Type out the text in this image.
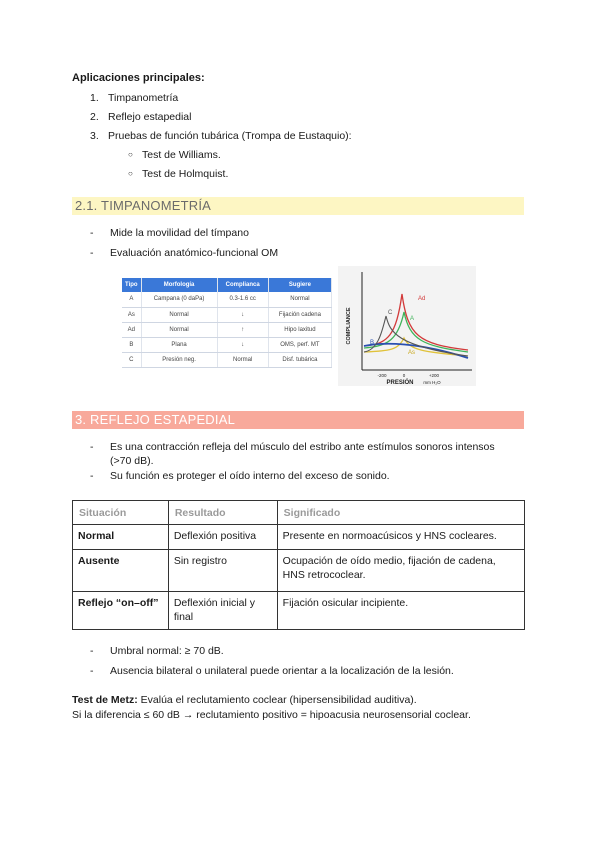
Aplicaciones principales:
1. Timpanometría
2. Reflejo estapedial
3. Pruebas de función tubárica (Trompa de Eustaquio):
○ Test de Williams.
○ Test de Holmquist.
2.1. TIMPANOMETRÍA
- Mide la movilidad del tímpano
- Evaluación anatómico-funcional OM
Tipo	Morfología	Complianca	Sugiere
A	Campana (0 daPa)	0.3-1.6 cc	Normal
As	Normal	↓	Fijación cadena
Ad	Normal	↑	Hipo laxitud
B	Plana	↓	OMS, perf. MT
C	Presión neg.	Normal	Disf. tubárica
COMPLIANCE
Ad
A
As
B
C
-200	0	+200
PRESIÓN mm H₂O
3. REFLEJO ESTAPEDIAL
- Es una contracción refleja del músculo del estribo ante estímulos sonoros intensos
(>70 dB).
- Su función es proteger el oído interno del exceso de sonido.
Situación	Resultado	Significado
Normal	Deflexión positiva	Presente en normoacúsicos y HNS cocleares.
Ausente	Sin registro	Ocupación de oído medio, fijación de cadena, HNS retrococlear.
Reflejo “on–off”	Deflexión inicial y final	Fijación osicular incipiente.
- Umbral normal: ≥ 70 dB.
- Ausencia bilateral o unilateral puede orientar a la localización de la lesión.
Test de Metz: Evalúa el reclutamiento coclear (hipersensibilidad auditiva).
Si la diferencia ≤ 60 dB → reclutamiento positivo = hipoacusia neurosensorial coclear.
